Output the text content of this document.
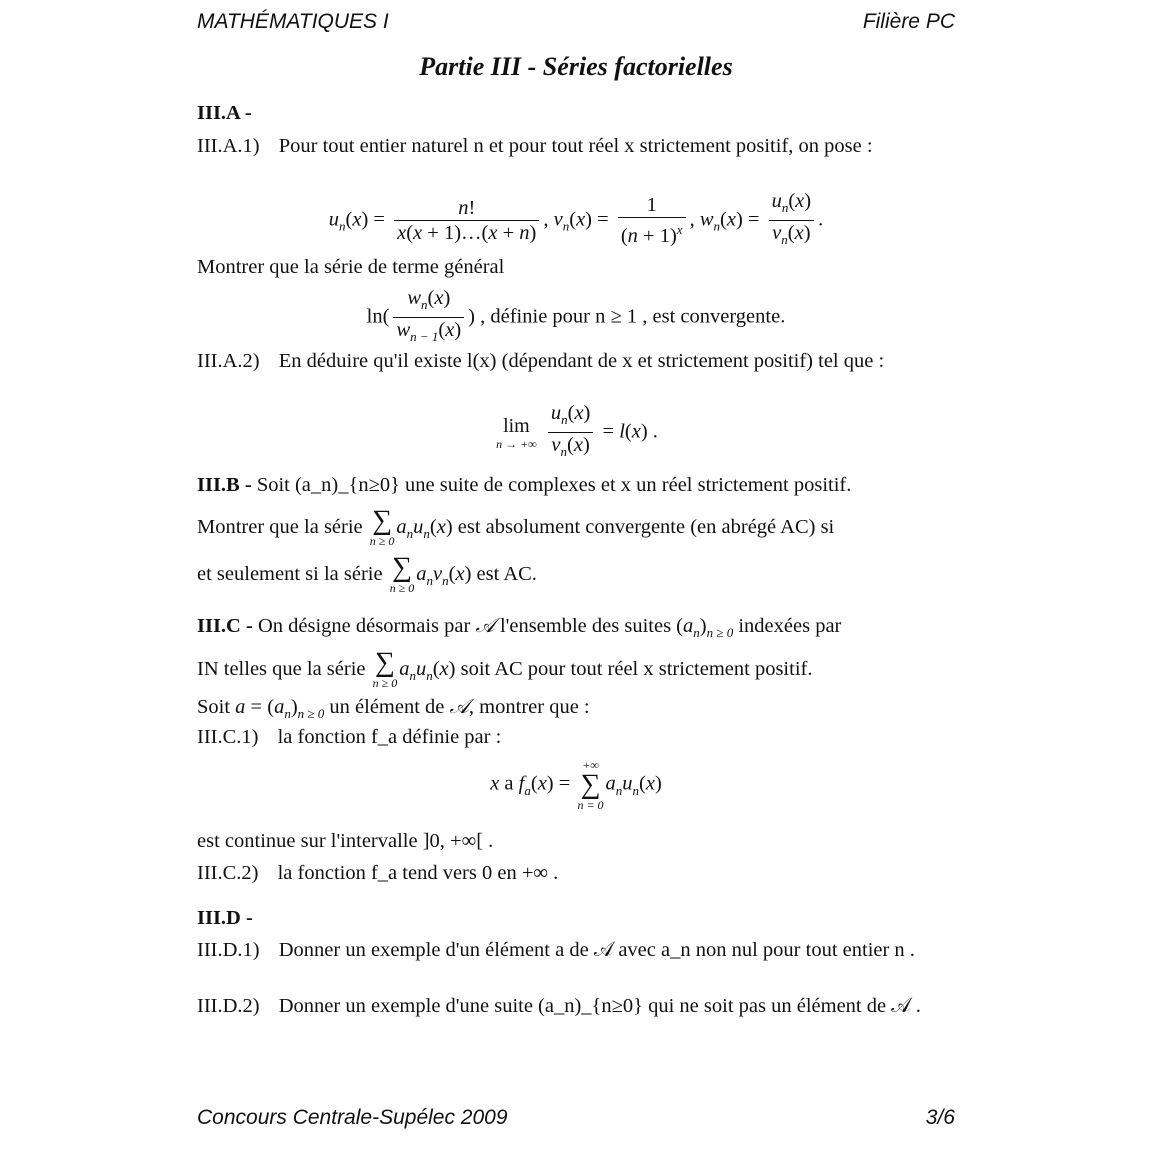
MATHÉMATIQUES I	Filière PC
Partie III - Séries factorielles
III.A -
III.A.1) Pour tout entier naturel n et pour tout réel x strictement positif, on pose :
$u_n(x) = \frac{n!}{x(x + 1)\dots(x + n)}$ , $v_n(x) = \frac{1}{(n + 1)^x}$ , $w_n(x) = \frac{u_n(x)}{v_n(x)}$ .
Montrer que la série de terme général
$\ln( \frac{w_n(x)}{w_{n - 1}(x)}$ ) , définie pour n ≥ 1 , est convergente.
III.A.2) En déduire qu'il existe l(x) (dépendant de x et strictement positif) tel que :
lim
n → +∞
$\frac{u_n(x)}{v_n(x)} = l(x)$ .
III.B - Soit (a_n)_{n≥0} une suite de complexes et x un réel strictement positif.
Montrer que la série ∑
n ≥ 0
$a_nu_n(x)$ est absolument convergente (en abrégé AC) si
et seulement si la série ∑
n ≥ 0
$a_nv_n(x)$ est AC.
III.C - On désigne désormais par 𝒜 l'ensemble des suites $(a_n)_{n \ge 0}$ indexées par
IN telles que la série ∑
n ≥ 0
$a_nu_n(x)$ soit AC pour tout réel x strictement positif.
Soit $a = (a_n)_{n \ge 0}$ un élément de 𝒜, montrer que :
III.C.1) la fonction f_a définie par :
x a $f_a(x)$ =
+∞
∑
n = 0
$a_nu_n(x)$
est continue sur l'intervalle ]0, +∞[ .
III.C.2) la fonction f_a tend vers 0 en +∞ .
III.D -
III.D.1) Donner un exemple d'un élément a de 𝒜 avec a_n non nul pour tout entier n .
III.D.2) Donner un exemple d'une suite (a_n)_{n≥0} qui ne soit pas un élément de 𝒜 .
Concours Centrale-Supélec 2009	3/6
